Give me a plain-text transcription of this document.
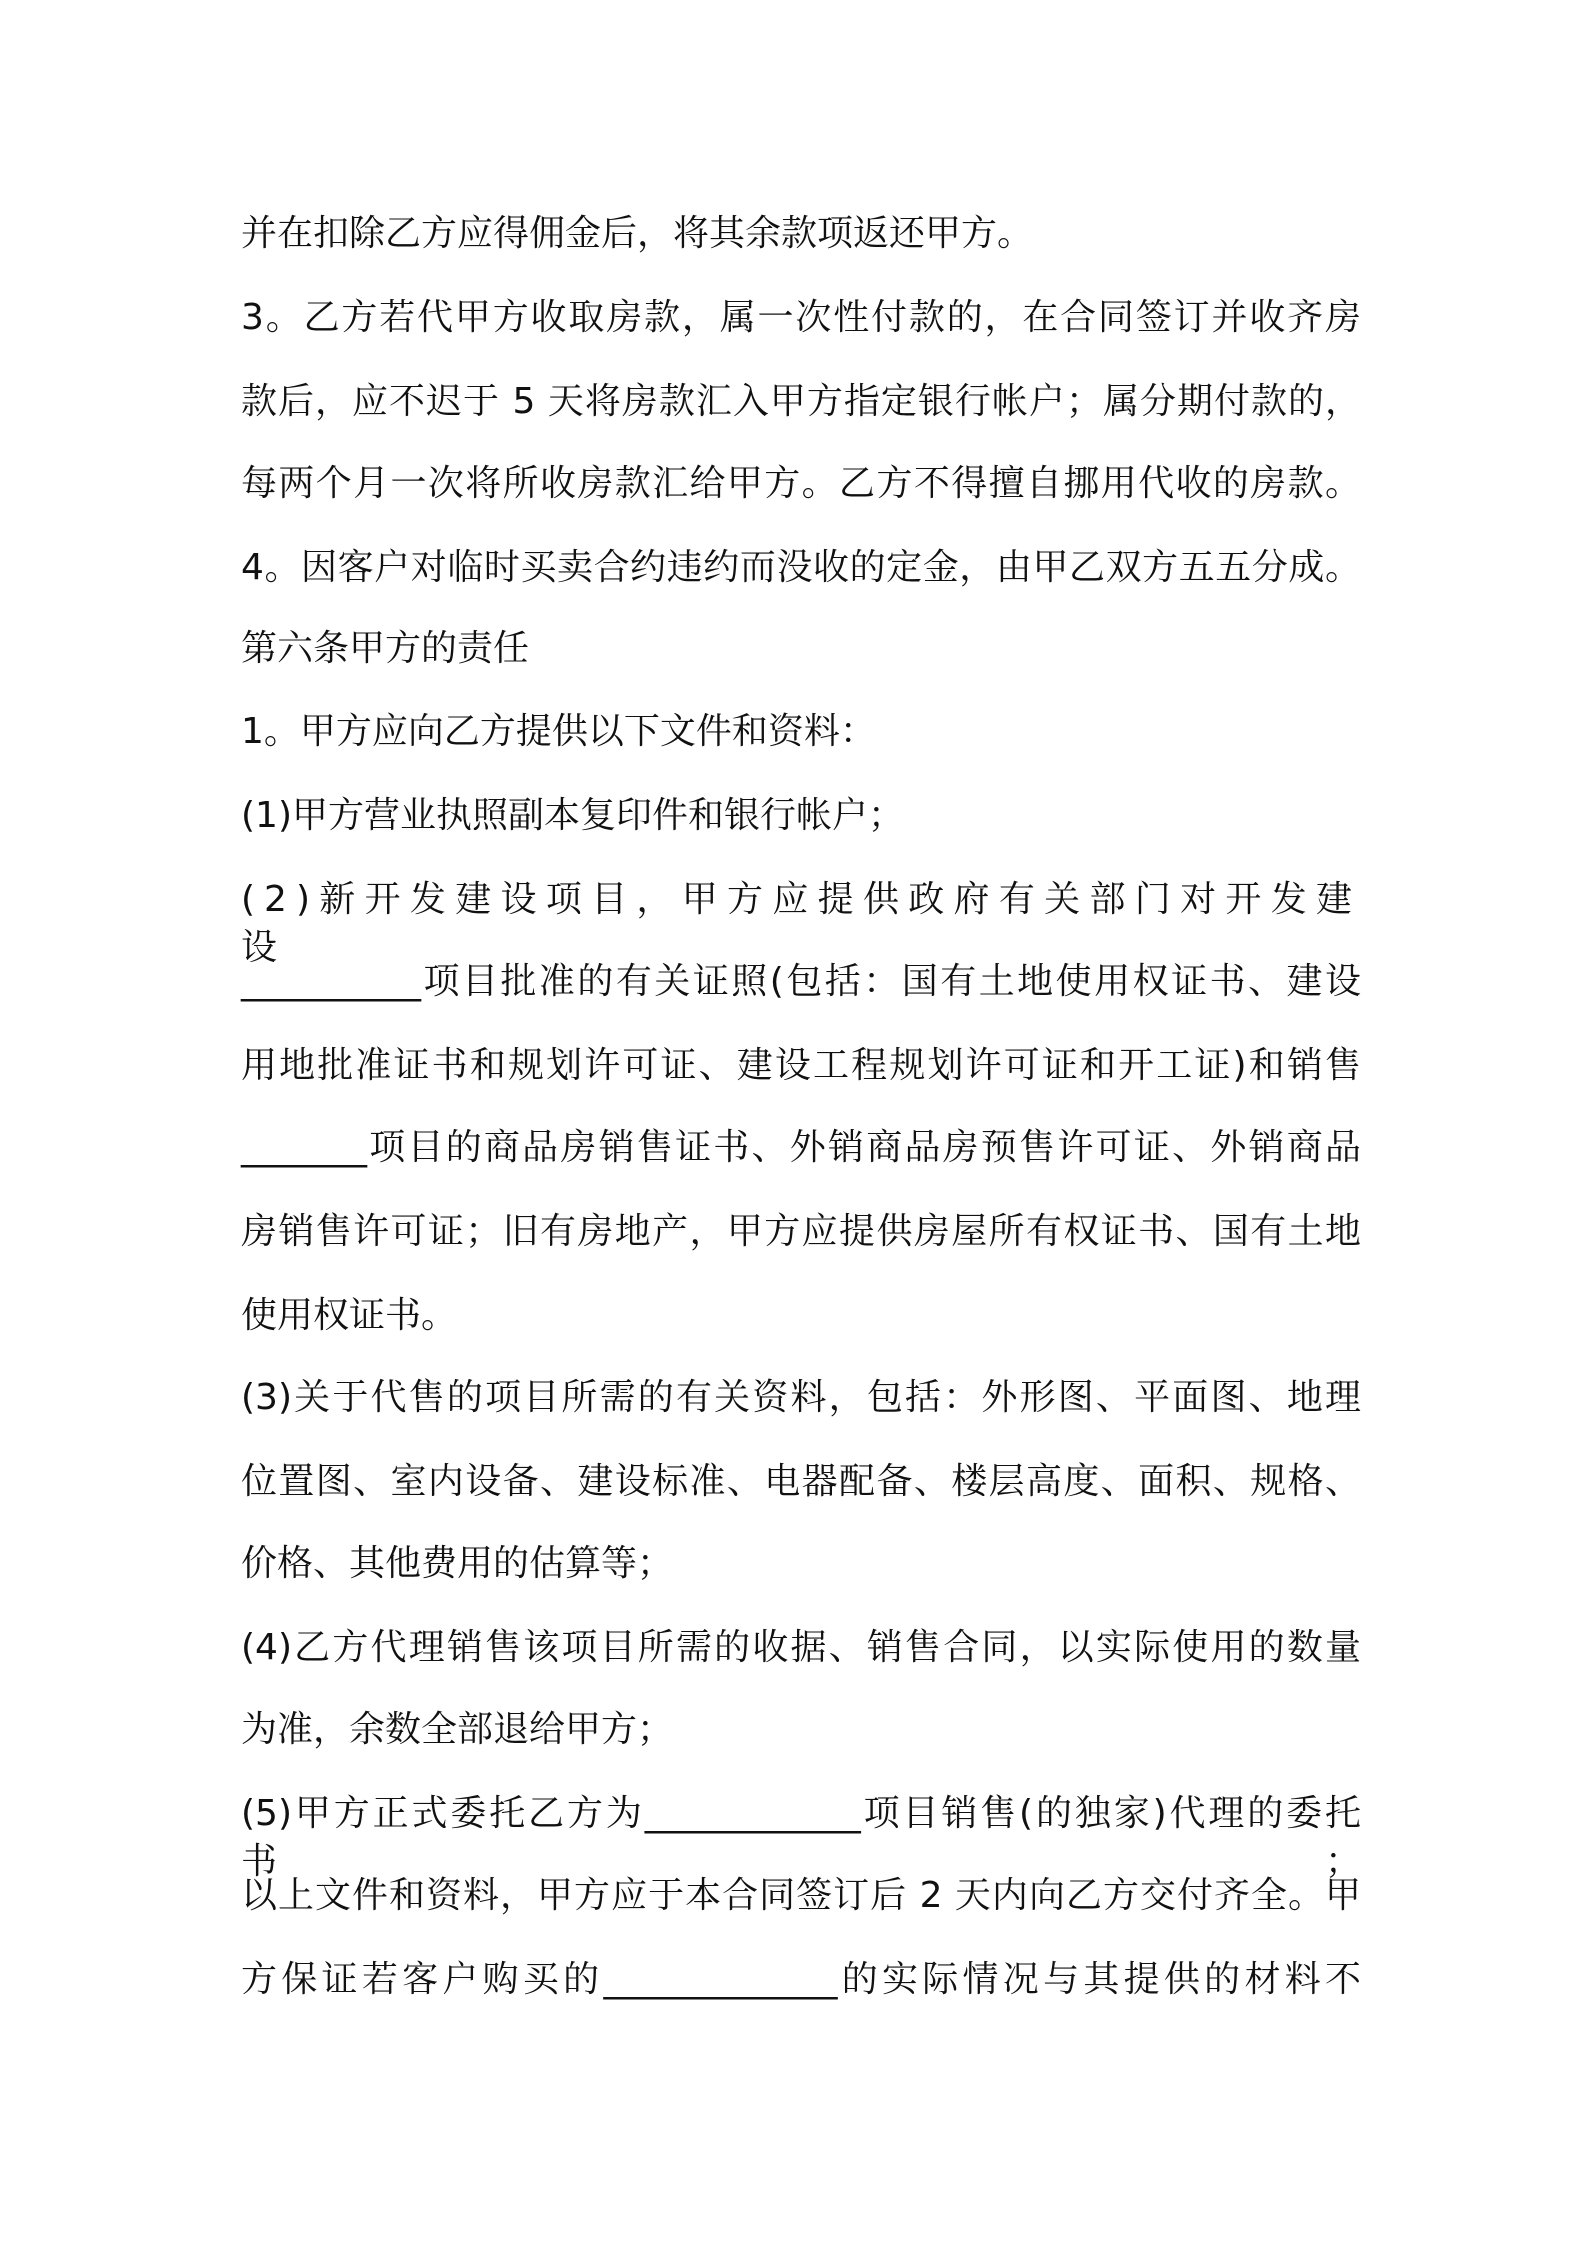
并在扣除乙方应得佣金后，将其余款项返还甲方。
3。乙方若代甲方收取房款，属一次性付款的，在合同签订并收齐房
款后，应不迟于 5 天将房款汇入甲方指定银行帐户；属分期付款的，
每两个月一次将所收房款汇给甲方。乙方不得擅自挪用代收的房款。
4。因客户对临时买卖合约违约而没收的定金，由甲乙双方五五分成。
第六条甲方的责任
1。甲方应向乙方提供以下文件和资料：
(1)甲方营业执照副本复印件和银行帐户；
(2)新开发建设项目，甲方应提供政府有关部门对开发建设
__________项目批准的有关证照(包括：国有土地使用权证书、建设
用地批准证书和规划许可证、建设工程规划许可证和开工证)和销售
_______项目的商品房销售证书、外销商品房预售许可证、外销商品
房销售许可证；旧有房地产，甲方应提供房屋所有权证书、国有土地
使用权证书。
(3)关于代售的项目所需的有关资料，包括：外形图、平面图、地理
位置图、室内设备、建设标准、电器配备、楼层高度、面积、规格、
价格、其他费用的估算等；
(4)乙方代理销售该项目所需的收据、销售合同，以实际使用的数量
为准，余数全部退给甲方；
(5)甲方正式委托乙方为____________项目销售(的独家)代理的委托书；
以上文件和资料，甲方应于本合同签订后 2 天内向乙方交付齐全。甲
方保证若客户购买的_____________的实际情况与其提供的材料不
